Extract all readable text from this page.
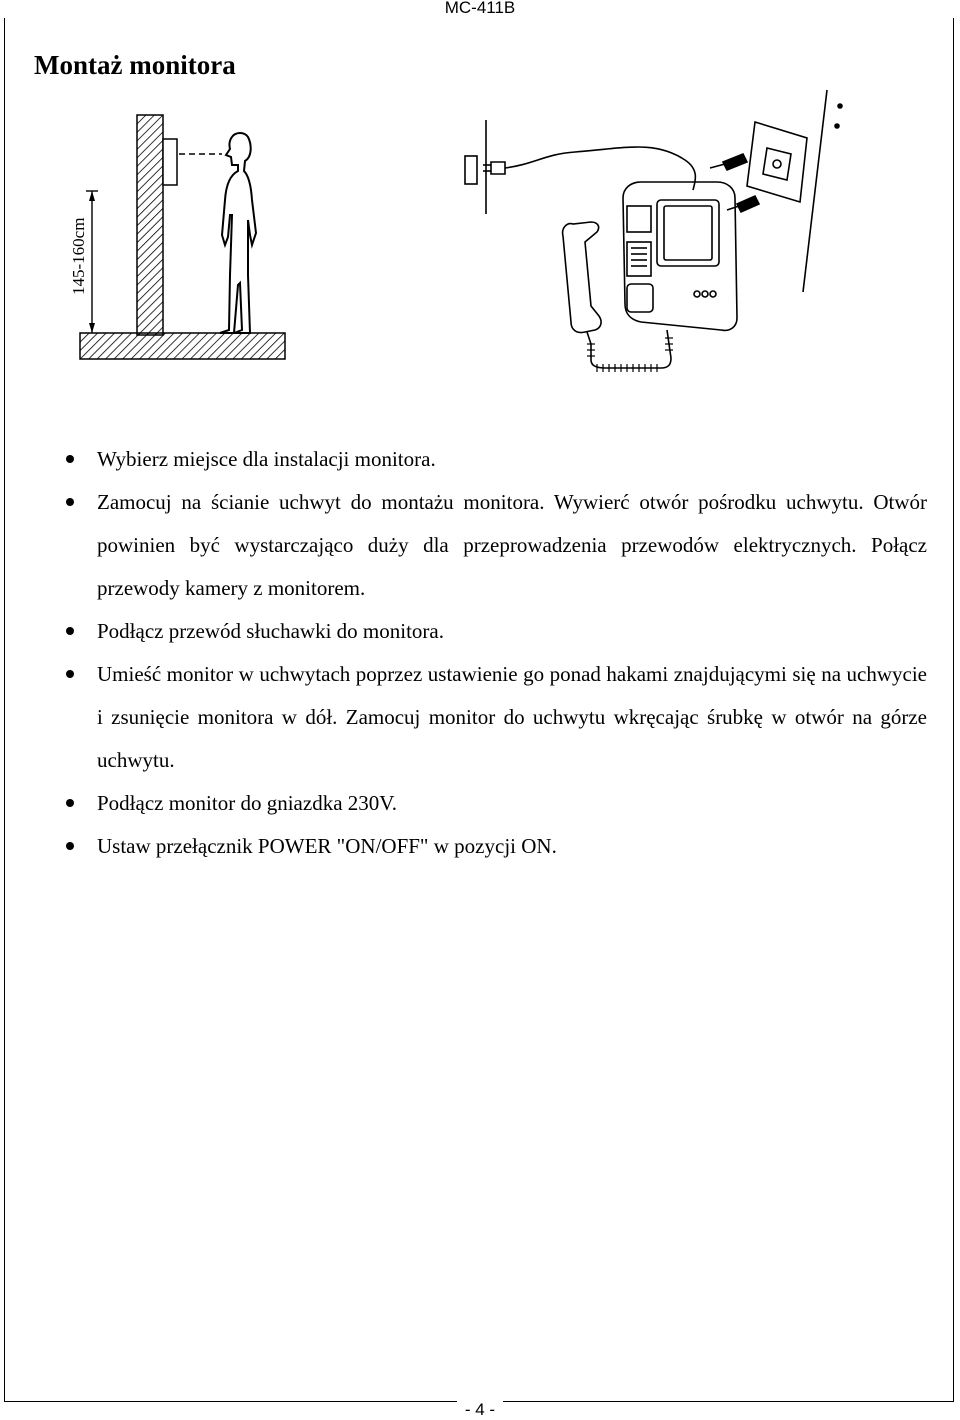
MC-411B
Montaż monitora
145-160cm
Wybierz miejsce dla instalacji monitora.
Zamocuj na ścianie uchwyt do montażu monitora. Wywierć otwór pośrodku uchwytu. Otwór powinien być wystarczająco duży dla przeprowadzenia przewodów elektrycznych. Połącz przewody kamery z monitorem.
Podłącz przewód słuchawki do monitora.
Umieść monitor w uchwytach poprzez ustawienie go ponad hakami znajdującymi się na uchwycie i zsunięcie monitora w dół. Zamocuj monitor do uchwytu wkręcając śrubkę w otwór na górze uchwytu.
Podłącz monitor do gniazdka 230V.
Ustaw przełącznik POWER "ON/OFF" w pozycji ON.
- 4 -
